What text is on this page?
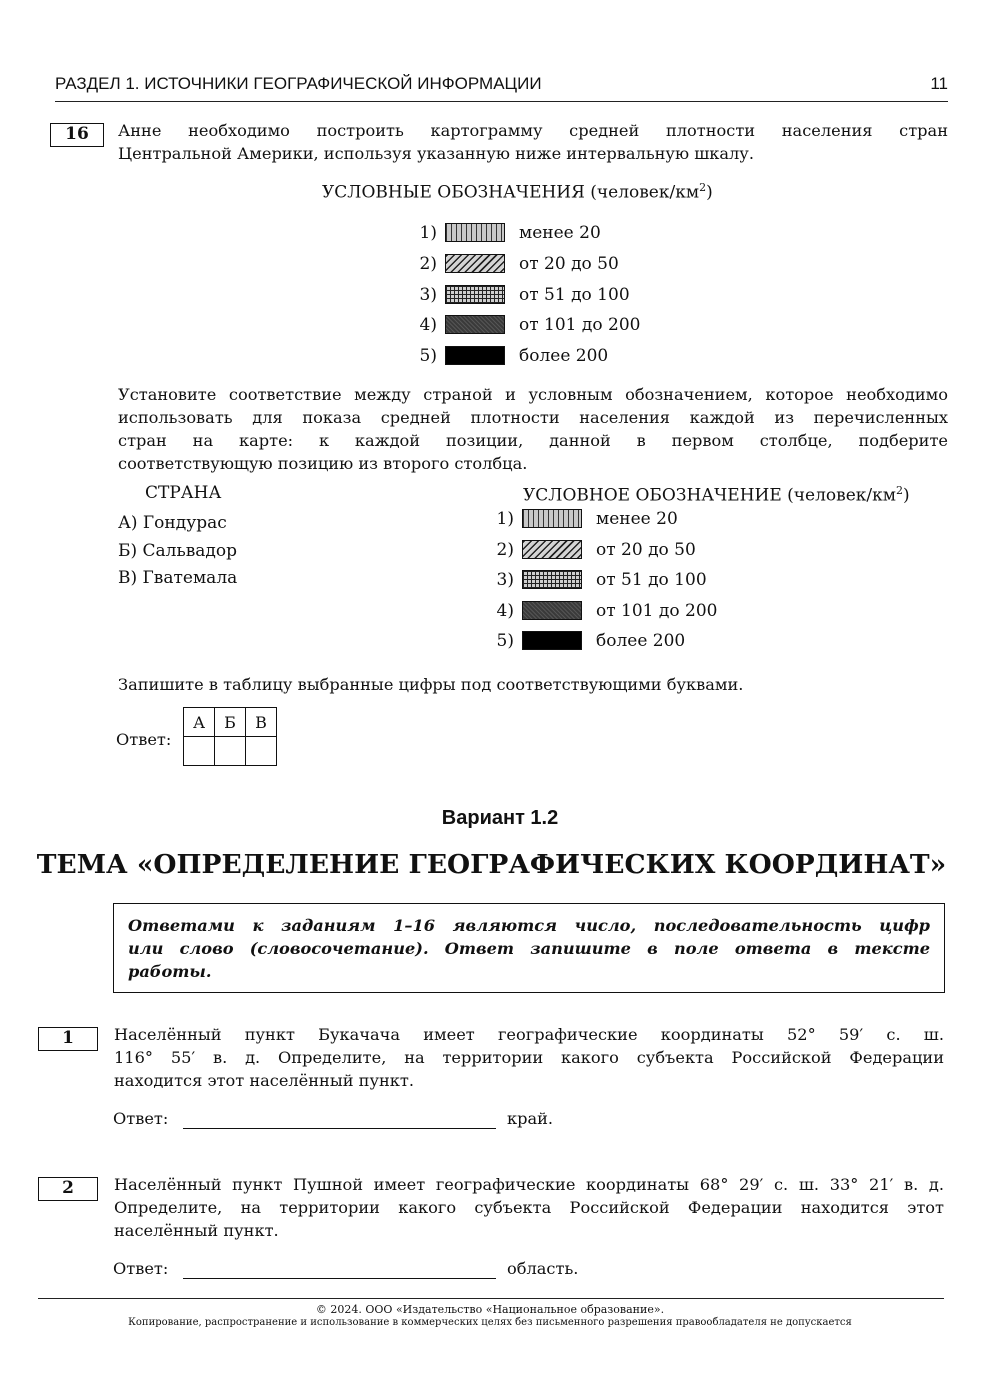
РАЗДЕЛ 1. ИСТОЧНИКИ ГЕОГРАФИЧЕСКОЙ ИНФОРМАЦИИ	11
16	Анне необходимо построить картограмму средней плотности населения стран
Центральной Америки, используя указанную ниже интервальную шкалу.
УСЛОВНЫЕ ОБОЗНАЧЕНИЯ $(человек/км^2)$
1)	менее 20
2)	от 20 до 50
3)	от 51 до 100
4)	от 101 до 200
5)	более 200
Установите соответствие между страной и условным обозначением, которое необходимо
использовать для показа средней плотности населения каждой из перечисленных
стран на карте: к каждой позиции, данной в первом столбце, подберите
соответствующую позицию из второго столбца.
СТРАНА
А) Гондурас
Б) Сальвадор
В) Гватемала
УСЛОВНОЕ ОБОЗНАЧЕНИЕ $(человек/км^2)$
1)	менее 20
2)	от 20 до 50
3)	от 51 до 100
4)	от 101 до 200
5)	более 200
Запишите в таблицу выбранные цифры под соответствующими буквами.
Ответ:
А	Б	В

Вариант 1.2
ТЕМА «ОПРЕДЕЛЕНИЕ ГЕОГРАФИЧЕСКИХ КООРДИНАТ»
Ответами к заданиям 1–16 являются число, последовательность цифр
или слово (словосочетание). Ответ запишите в поле ответа в тексте
работы.
1	Населённый пункт Букачача имеет географические координаты 52° 59′ с. ш.
116° 55′ в. д. Определите, на территории какого субъекта Российской Федерации
находится этот населённый пункт.
Ответ:	край.
2	Населённый пункт Пушной имеет географические координаты 68° 29′ с. ш. 33° 21′ в. д.
Определите, на территории какого субъекта Российской Федерации находится этот
населённый пункт.
Ответ:	область.
© 2024. ООО «Издательство «Национальное образование».
Копирование, распространение и использование в коммерческих целях без письменного разрешения правообладателя не допускается
